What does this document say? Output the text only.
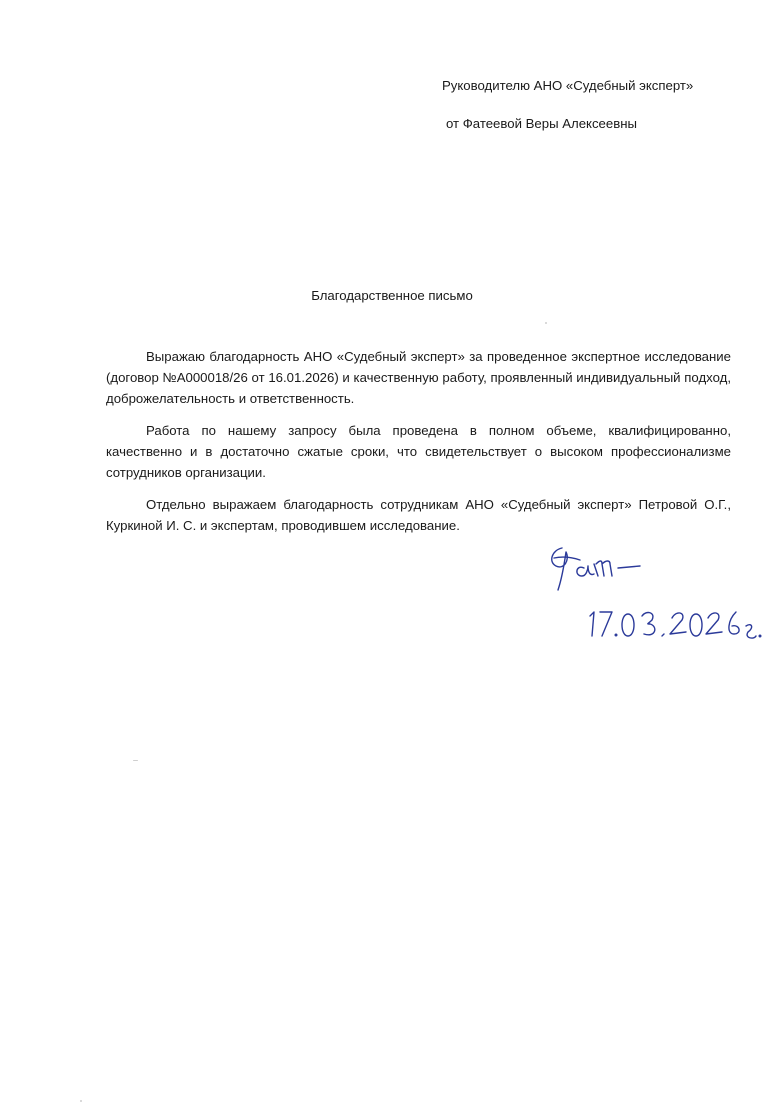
Руководителю АНО «Судебный эксперт»
от Фатеевой Веры Алексеевны
Благодарственное письмо

Выражаю благодарность АНО «Судебный эксперт» за проведенное экспертное исследование (договор №А000018/26 от 16.01.2026) и качественную работу, проявленный индивидуальный подход, доброжелательность и ответственность.

Работа по нашему запросу была проведена в полном объеме, квалифицированно, качественно и в достаточно сжатые сроки, что свидетельствует о высоком профессионализме сотрудников организации.

Отдельно выражаем благодарность сотрудникам АНО «Судебный эксперт» Петровой О.Г., Куркиной И. С. и экспертам, проводившем исследование.
